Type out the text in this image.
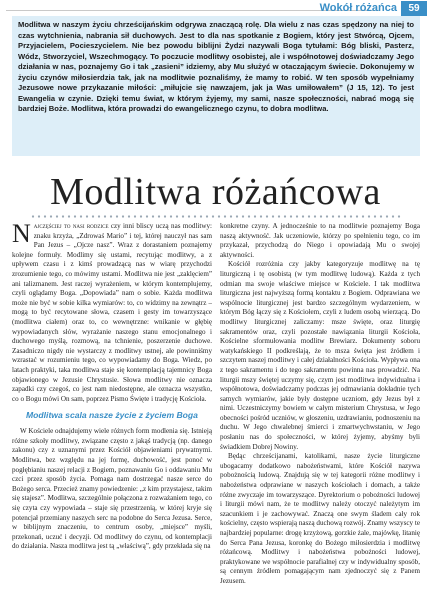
Wokół różańca	59
Modlitwa w naszym życiu chrześcijańskim odgrywa znaczącą rolę. Dla wielu z nas czas spędzony na niej to czas wytchnienia, nabrania sił duchowych. Jest to dla nas spotkanie z Bogiem, który jest Stwórcą, Ojcem, Przyjacielem, Pocieszycielem. Nie bez powodu biblijni Żydzi nazywali Boga tytułami: Bóg bliski, Pasterz, Wódz, Stworzyciel, Wszechmogący. To poczucie modlitwy osobistej, ale i współnotowej doświadczamy Jego działania w nas, poznajemy Go i tak „zasieni” idziemy, aby Mu służyć w otaczającym świecie. Dokonujemy w życiu czynów miłosierdzia tak, jak na modlitwie poznaliśmy, że mamy to robić. W ten sposób wypełniamy Jezusowe nowe przykazanie miłości: „miłujcie się nawzajem, jak ja Was umiłowałem” (J 15, 12). To jest Ewangelia w czynie. Dzięki temu świat, w którym żyjemy, my sami, nasze społeczności, nabrać mogą się bardziej Boże. Modlitwa, która prowadzi do ewangelicznego czynu, to dobra modlitwa.
Modlitwa różańcowa

Najczęściej to nasi rodzice czy inni bliscy uczą nas modlitwy: znaku krzyża, „Zdrowaś Mario” i tej, której nauczył nas sam Pan Jezus – „Ojcze nasz”. Wraz z dorastaniem poznajemy kolejne formuły. Modlimy się ustami, recytując modlitwy, a z upływem czasu i z kimś prowadzącą nas w wiarę przychodzi zrozumienie tego, co mówimy ustami. Modlitwa nie jest „zaklęciem” ani talizmanem. Jest raczej wyrażeniem, w którym kontemplujemy, czyli oglądamy Boga. „Dopowiada” nam o sobie. Każda modlitwa może nie być w sobie kilka wymiarów: to, co widzimy na zewnątrz – mogą to być recytowane słowa, czasem i gesty im towarzyszące (modlitwa ciałem) oraz to, co wewnętrzne: wnikanie w głębię wypowiadanych słów, wyrażanie naszego stanu emocjonalnego i duchowego myślą, rozmową, na tchnienie, poszerzenie duchowe. Zasadniczo nigdy nie wystarczy z modlitwy ustnej, ale powinniśmy wzrastać w rozumieniu tego, co wypowiadamy do Boga. Wiedz, po latach praktyki, taka modlitwa staje się kontemplacją tajemnicy Boga objawionego w Jezusie Chrystusie. Słowa modlitwy nie oznacza zapadki czy czegoś, co jest nam niedostępne, ale oznacza wszystko, co o Bogu mówi On sam, poprzez Pismo Święte i tradycję Kościoła.

Modlitwa scala nasze życie z życiem Boga

W Kościele odnajdujemy wiele różnych form modlenia się. Istnieją różne szkoły modlitwy, związane często z jakąś tradycją (np. danego zakonu) czy z uznanymi przez Kościół objawieniami prywatnymi. Modlitwa, bez względu na jej formę, duchowość, jest ponoć w pogłębianiu naszej relacji z Bogiem, poznawaniu Go i oddawaniu Mu czci przez sposób życia. Pomaga nam dostrzegać nasze serce do Bożego serca. Przecież znamy powiedzenie: „z kim przystajesz, takim się stajesz”. Modlitwa, szczególnie połączona z rozważaniem tego, co się czyta czy wypowiada – staje się przestrzenią, w której kryje się potencjał przemiany naszych serc na podobne do Serca Jezusa. Serce, w biblijnym znaczeniu, to centrum osoby, „miejsce” myśli, przekonań, uczuć i decyzji. Od modlitwy do czynu, od kontemplacji do działania. Nasza modlitwa jest tą „właściwą”, gdy przekłada się na

konkretne czyny. A jednocześnie to na modlitwie poznajemy Boga naszą aktywność. Jak uczeniowie, którzy po spełnieniu tego, co im przykazał, przychodzą do Niego i opowiadają Mu o swojej aktywności.

Kościół rozróżnia czy jakby kategoryzuje modlitwę na tę liturgiczną i tę osobistą (w tym modlitwę ludową). Każda z tych odmian ma swoje właściwe miejsce w Kościele. I tak modlitwa liturgiczna jest najwyższą formą kontaktu z Bogiem. Odprawiana we wspólnocie liturgicznej jest bardzo szczególnym wydarzeniem, w którym Bóg łączy się z Kościołem, czyli z ludem osobą wierzącą. Do modlitwy liturgicznej zaliczamy: msze święte, oraz liturgię sakramentów oraz, czyli pozostałe nawiązania liturgii Kościoła, Kościelne sformułowania modlitw Brewiarz. Dokumenty soboru watykańskiego II podkreślają, że to msza święta jest źródłem i szczytem naszej modlitwy i całej działalności Kościoła. Wypływa ona z tego sakramentu i do tego sakramentu powinna nas prowadzić. Na liturgii mszy świętej uczymy się, czym jest modlitwa indywidualna i współnotowa, doświadczamy podczas jej odmawiania dokładnie tych samych wymiarów, jakie były dostępne uczniom, gdy Jezus był z nimi. Uczestniczymy bowiem w całym misterium Chrystusa, w Jego obecności pośród uczniów, w głoszeniu, uzdrawianiu, podnoszeniu na duchu. W Jego chwalebnej śmierci i zmartwychwstaniu, w Jego posłaniu nas do społeczności, w której żyjemy, abyśmy byli świadkiem Dobrej Nowiny.

Będąc chrześcijanami, katolikami, nasze życie liturgiczne ubogacamy dodatkowo nabożeństwami, które Kościół nazywa pobożnością ludową. Znajdują się w tej kategorii różne modlitwy i nabożeństwa odprawiane w naszych kościołach i domach, a także różne zwyczaje im towarzyszące. Dyrektorium o pobożności ludowej i liturgii mówi nam, że te modlitwy należy otoczyć należytym im szacunkiem i je zachowywać. Znaczą one swym śladem cały rok kościelny, często wspierają naszą duchową rozwój. Znamy wszyscy te najbardziej popularne: drogę krzyżową, gorzkie żale, majówkę, litanię do Serca Pana Jezusa, koronkę do Bożego miłosierdzia i modlitwę różańcową. Modlitwy i nabożeństwa pobożności ludowej, praktykowane we współnocie parafialnej czy w indywidualny sposób, są cennym źródłem pomagającym nam zjednoczyć się z Panem Jezusem.
